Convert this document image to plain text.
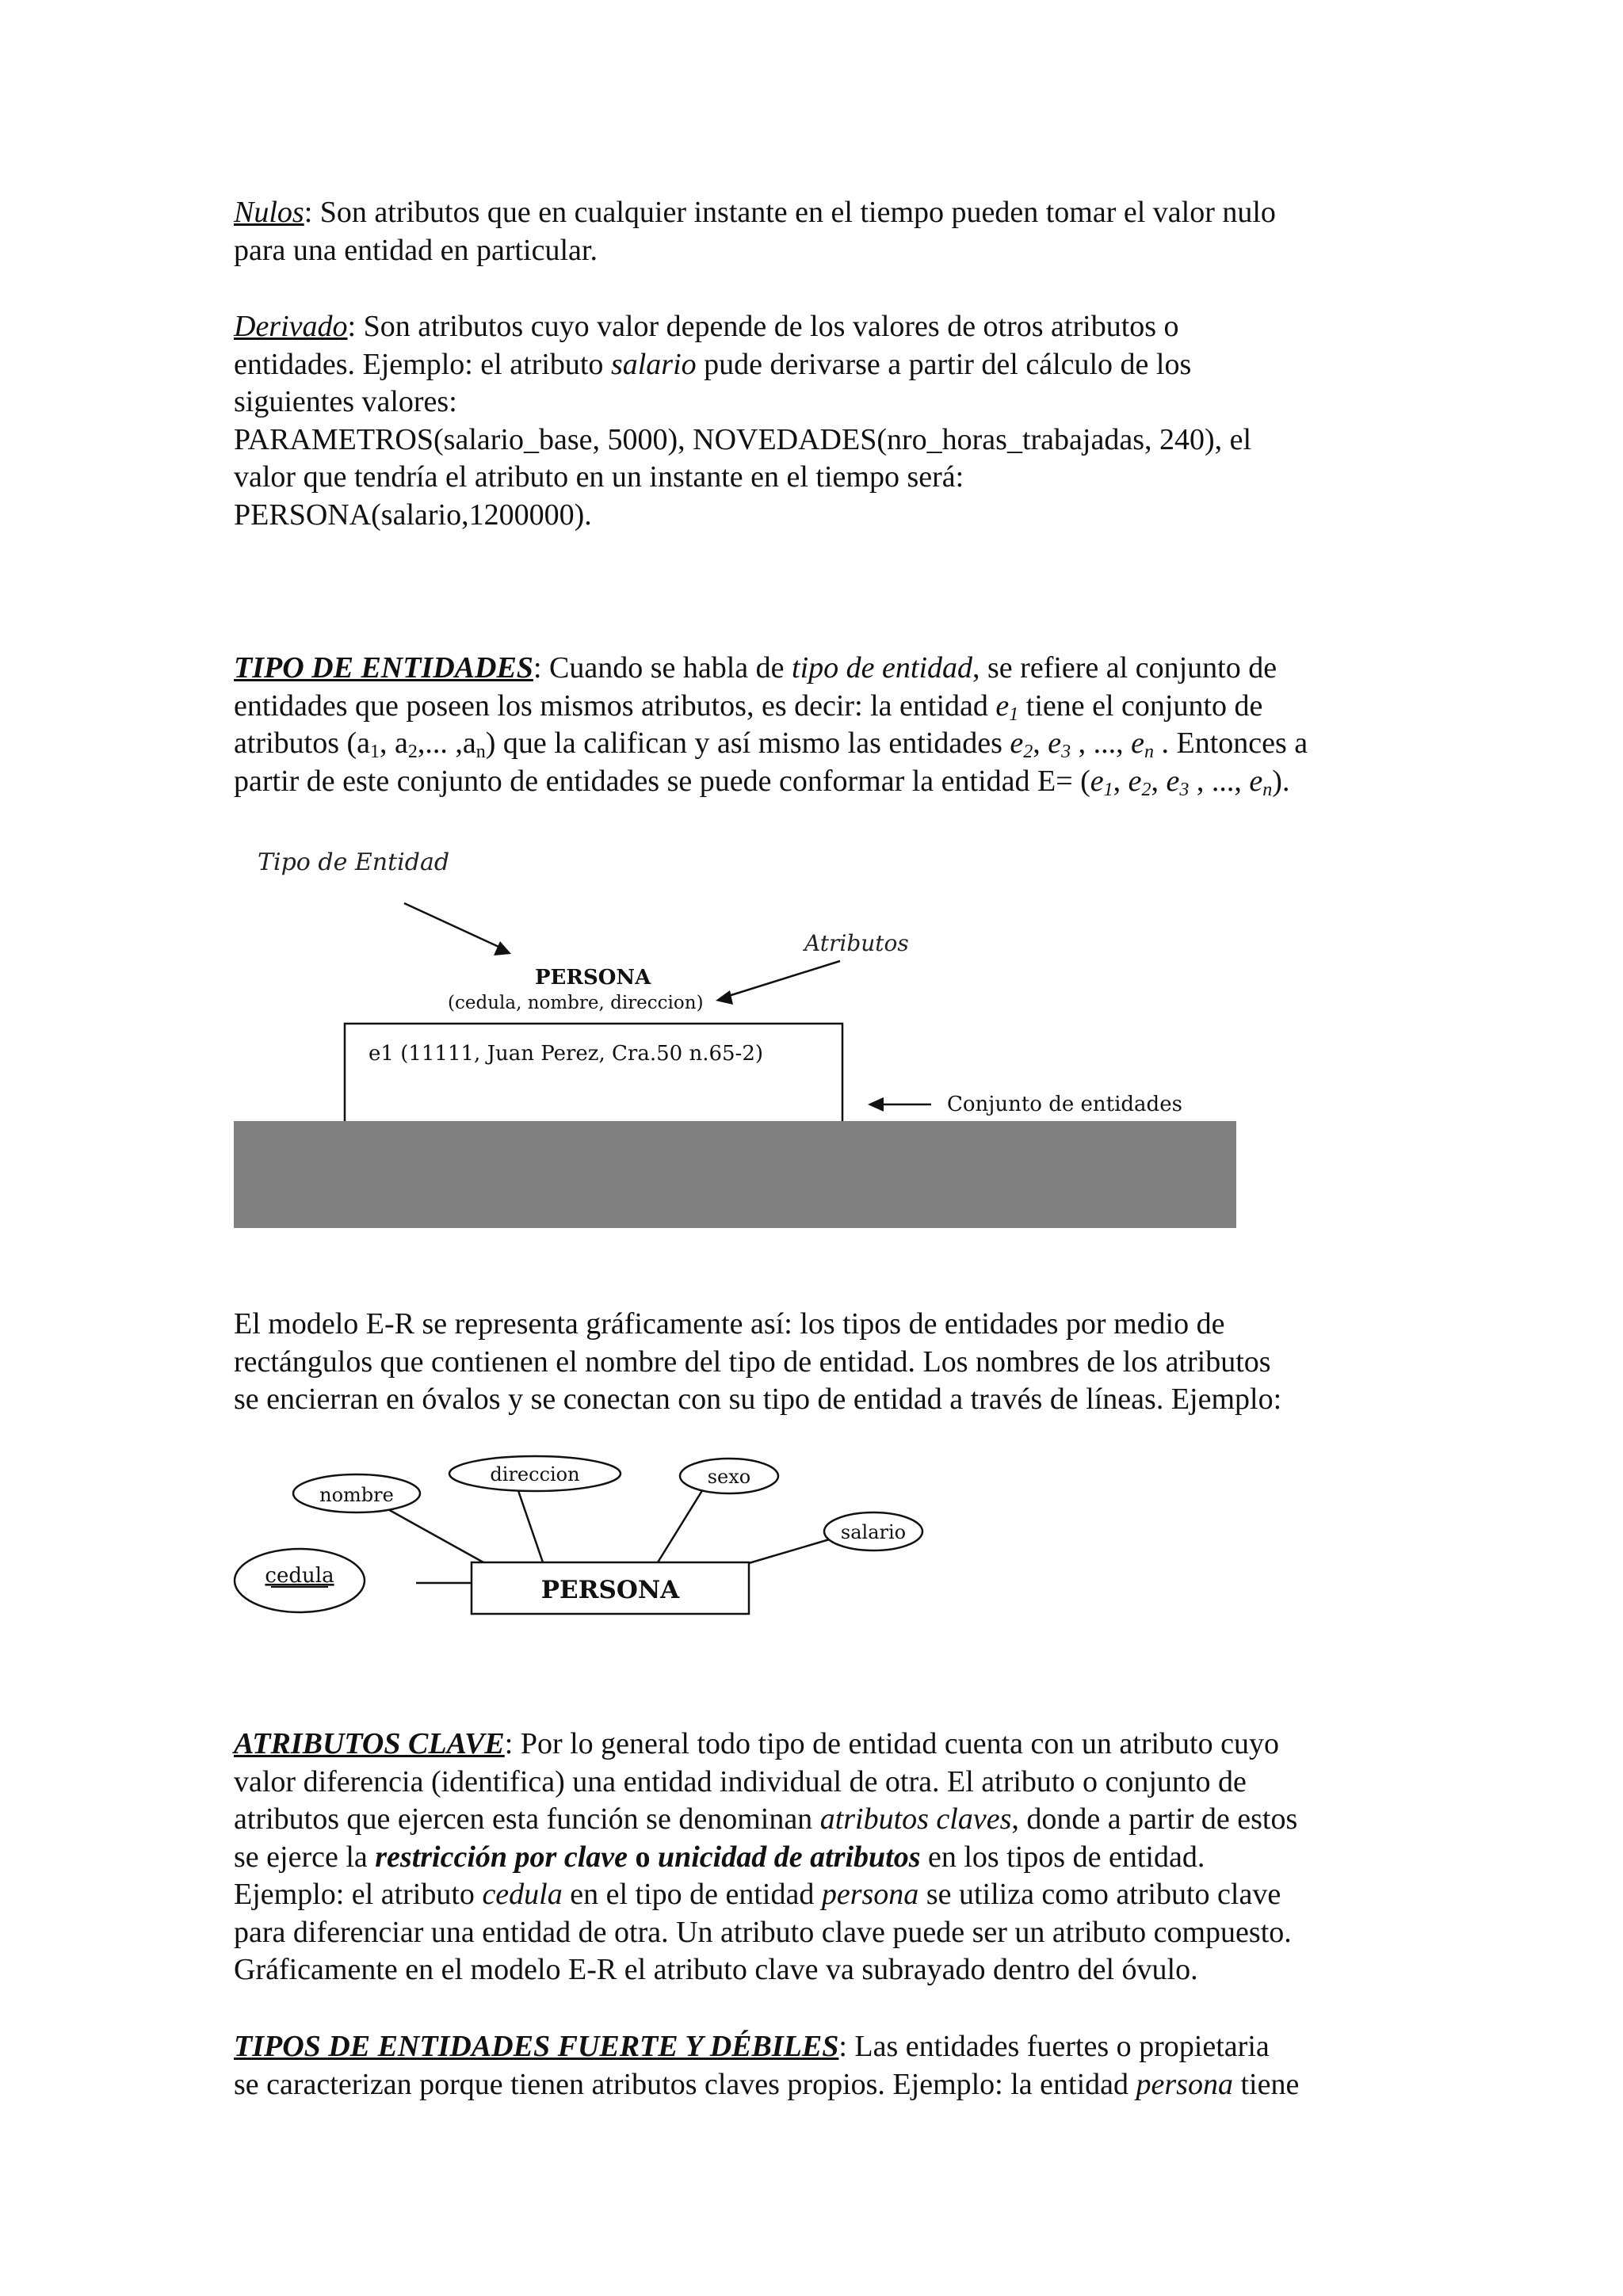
Nulos: Son atributos que en cualquier instante en el tiempo pueden tomar el valor nulo
para una entidad en particular.
Derivado: Son atributos cuyo valor depende de los valores de otros atributos o
entidades. Ejemplo: el atributo salario pude derivarse a partir del cálculo de los
siguientes valores:
PARAMETROS(salario_base, 5000), NOVEDADES(nro_horas_trabajadas, 240), el
valor que tendría el atributo en un instante en el tiempo será:
PERSONA(salario,1200000).
TIPO DE ENTIDADES: Cuando se habla de tipo de entidad, se refiere al conjunto de
entidades que poseen los mismos atributos, es decir: la entidad $e_1$ tiene el conjunto de
atributos ($a_1$, $a_2$,... $,a_n$) que la califican y así mismo las entidades $e_2$, $e_3$ , ..., $e_n$ . Entonces a
partir de este conjunto de entidades se puede conformar la entidad $E= (e_1$, $e_2$, $e_3$ , ..., $e_n$).
Tipo de Entidad
Atributos
PERSONA
(cedula, nombre, direccion)
e1 (11111, Juan Perez, Cra.50 n.65-2)
Conjunto de entidades
El modelo E-R se representa gráficamente así: los tipos de entidades por medio de
rectángulos que contienen el nombre del tipo de entidad. Los nombres de los atributos
se encierran en óvalos y se conectan con su tipo de entidad a través de líneas. Ejemplo:
PERSONA
nombre
direccion	sexo
salario
cedula
ATRIBUTOS CLAVE: Por lo general todo tipo de entidad cuenta con un atributo cuyo
valor diferencia (identifica) una entidad individual de otra. El atributo o conjunto de
atributos que ejercen esta función se denominan atributos claves, donde a partir de estos
se ejerce la restricción por clave o unicidad de atributos en los tipos de entidad.
Ejemplo: el atributo cedula en el tipo de entidad persona se utiliza como atributo clave
para diferenciar una entidad de otra. Un atributo clave puede ser un atributo compuesto.
Gráficamente en el modelo E-R el atributo clave va subrayado dentro del óvulo.
TIPOS DE ENTIDADES FUERTE Y DÉBILES: Las entidades fuertes o propietaria
se caracterizan porque tienen atributos claves propios. Ejemplo: la entidad persona tiene
